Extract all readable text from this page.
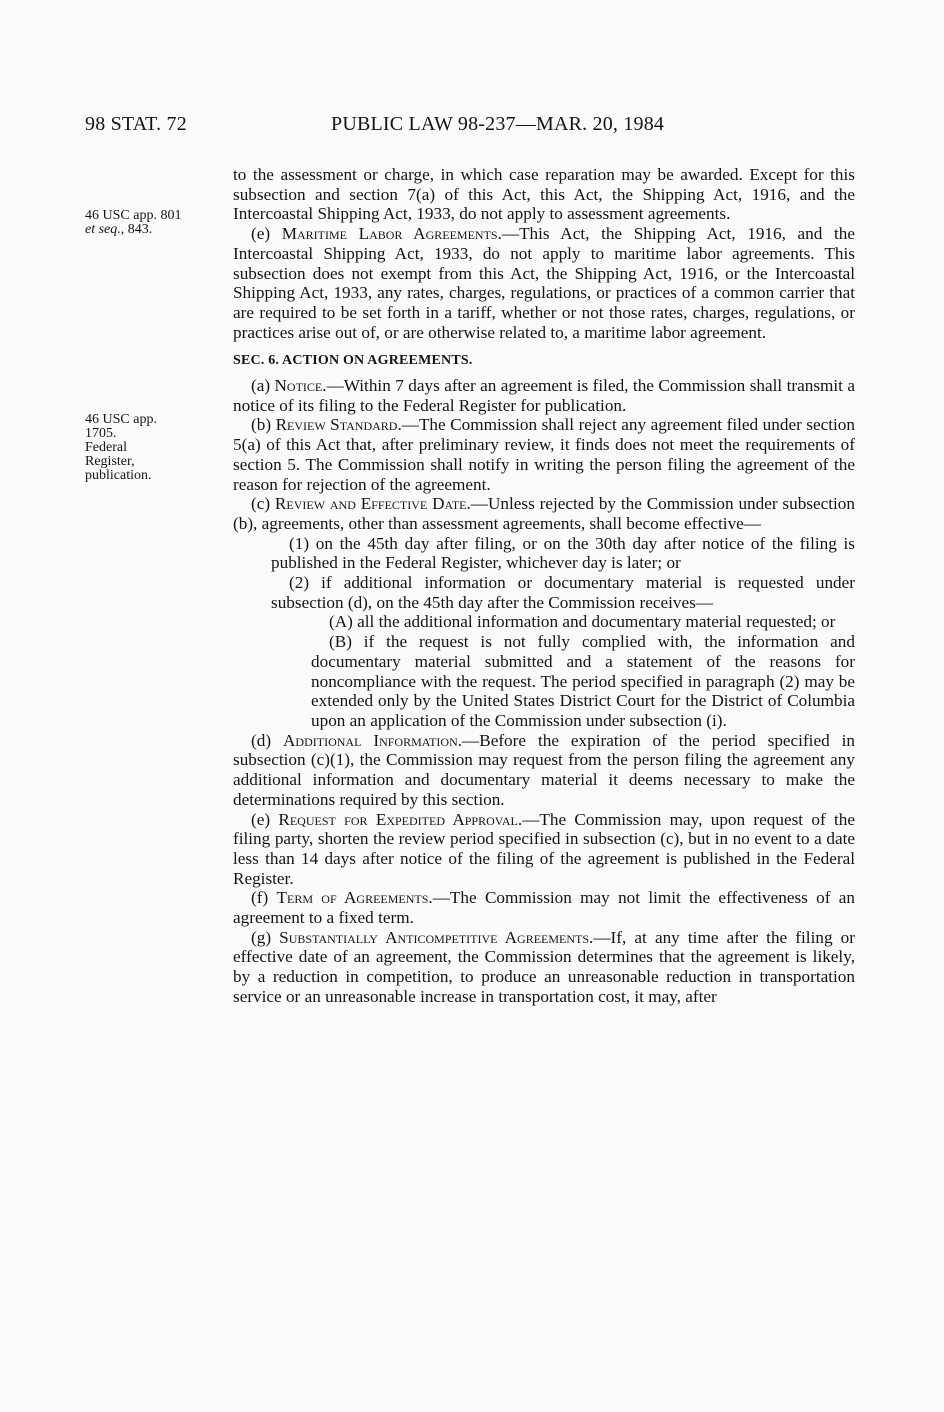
98 STAT. 72	PUBLIC LAW 98-237—MAR. 20, 1984
46 USC app. 801
et seq., 843.
46 USC app.
1705.
Federal
Register,
publication.

to the assessment or charge, in which case reparation may be awarded. Except for this subsection and section 7(a) of this Act, this Act, the Shipping Act, 1916, and the Intercoastal Shipping Act, 1933, do not apply to assessment agreements.

(e) Maritime Labor Agreements.—This Act, the Shipping Act, 1916, and the Intercoastal Shipping Act, 1933, do not apply to maritime labor agreements. This subsection does not exempt from this Act, the Shipping Act, 1916, or the Intercoastal Shipping Act, 1933, any rates, charges, regulations, or practices of a common carrier that are required to be set forth in a tariff, whether or not those rates, charges, regulations, or practices arise out of, or are otherwise related to, a maritime labor agreement.

SEC. 6. ACTION ON AGREEMENTS.

(a) Notice.—Within 7 days after an agreement is filed, the Commission shall transmit a notice of its filing to the Federal Register for publication.

(b) Review Standard.—The Commission shall reject any agreement filed under section 5(a) of this Act that, after preliminary review, it finds does not meet the requirements of section 5. The Commission shall notify in writing the person filing the agreement of the reason for rejection of the agreement.

(c) Review and Effective Date.—Unless rejected by the Commission under subsection (b), agreements, other than assessment agreements, shall become effective—

(1) on the 45th day after filing, or on the 30th day after notice of the filing is published in the Federal Register, whichever day is later; or

(2) if additional information or documentary material is requested under subsection (d), on the 45th day after the Commission receives—

(A) all the additional information and documentary material requested; or

(B) if the request is not fully complied with, the information and documentary material submitted and a statement of the reasons for noncompliance with the request. The period specified in paragraph (2) may be extended only by the United States District Court for the District of Columbia upon an application of the Commission under subsection (i).

(d) Additional Information.—Before the expiration of the period specified in subsection (c)(1), the Commission may request from the person filing the agreement any additional information and documentary material it deems necessary to make the determinations required by this section.

(e) Request for Expedited Approval.—The Commission may, upon request of the filing party, shorten the review period specified in subsection (c), but in no event to a date less than 14 days after notice of the filing of the agreement is published in the Federal Register.

(f) Term of Agreements.—The Commission may not limit the effectiveness of an agreement to a fixed term.

(g) Substantially Anticompetitive Agreements.—If, at any time after the filing or effective date of an agreement, the Commission determines that the agreement is likely, by a reduction in competition, to produce an unreasonable reduction in transportation service or an unreasonable increase in transportation cost, it may, after
